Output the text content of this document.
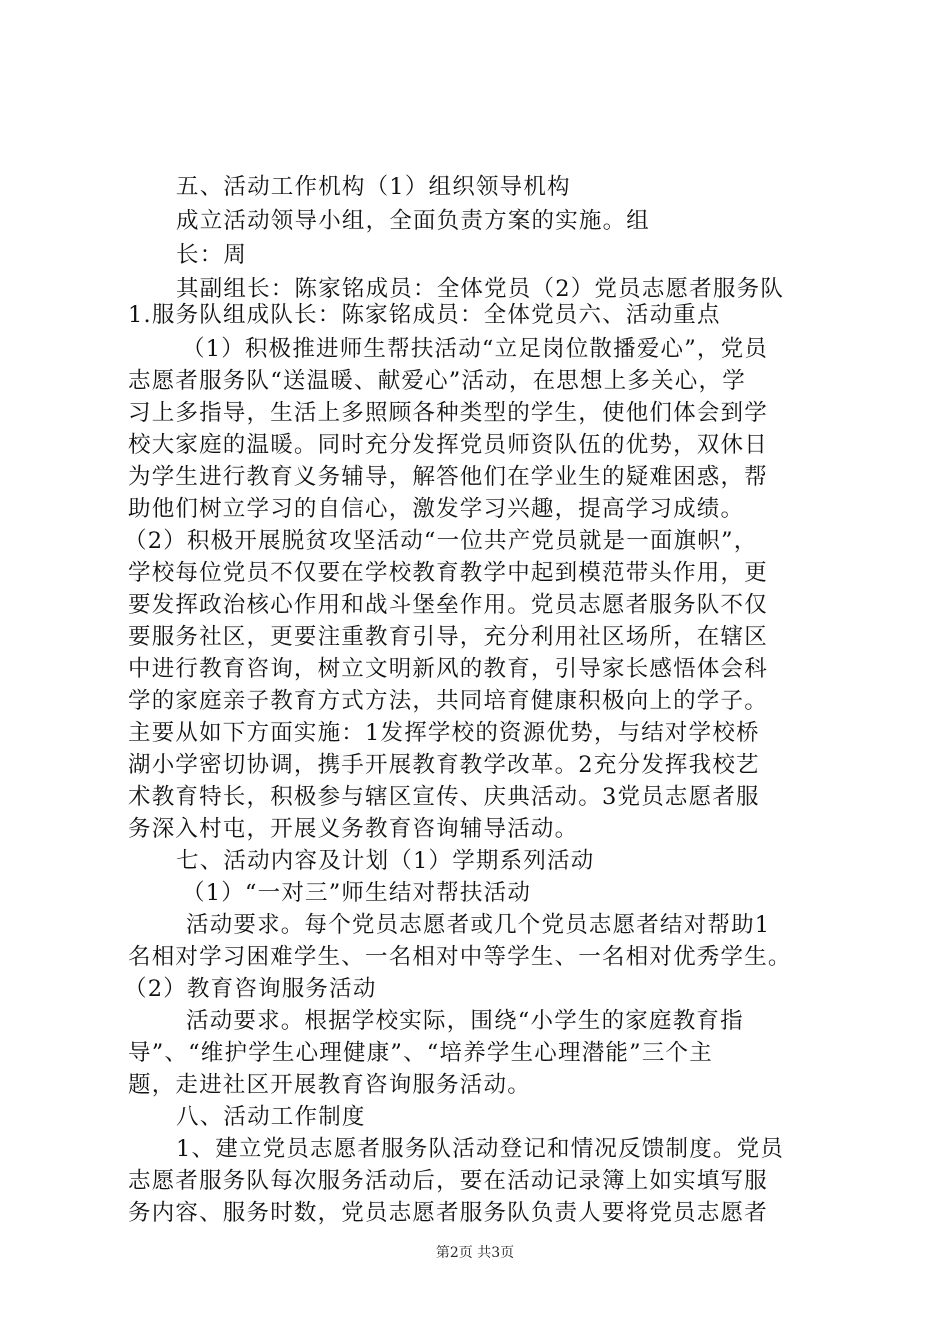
五、活动工作机构（1）组织领导机构
成立活动领导小组，全面负责方案的实施。组
长：周
其副组长：陈家铭成员：全体党员（2）党员志愿者服务队
1.服务队组成队长：陈家铭成员：全体党员六、活动重点
（1）积极推进师生帮扶活动“立足岗位散播爱心”，党员
志愿者服务队“送温暖、献爱心”活动，在思想上多关心，学
习上多指导，生活上多照顾各种类型的学生，使他们体会到学
校大家庭的温暖。同时充分发挥党员师资队伍的优势，双休日
为学生进行教育义务辅导，解答他们在学业生的疑难困惑，帮
助他们树立学习的自信心，激发学习兴趣，提高学习成绩。
（2）积极开展脱贫攻坚活动“一位共产党员就是一面旗帜”，
学校每位党员不仅要在学校教育教学中起到模范带头作用，更
要发挥政治核心作用和战斗堡垒作用。党员志愿者服务队不仅
要服务社区，更要注重教育引导，充分利用社区场所，在辖区
中进行教育咨询，树立文明新风的教育，引导家长感悟体会科
学的家庭亲子教育方式方法，共同培育健康积极向上的学子。
主要从如下方面实施：1发挥学校的资源优势，与结对学校桥
湖小学密切协调，携手开展教育教学改革。2充分发挥我校艺
术教育特长，积极参与辖区宣传、庆典活动。3党员志愿者服
务深入村屯，开展义务教育咨询辅导活动。
七、活动内容及计划（1）学期系列活动
（1）“一对三”师生结对帮扶活动
活动要求。每个党员志愿者或几个党员志愿者结对帮助1
名相对学习困难学生、一名相对中等学生、一名相对优秀学生。
（2）教育咨询服务活动
活动要求。根据学校实际，围绕“小学生的家庭教育指
导”、“维护学生心理健康”、“培养学生心理潜能”三个主
题，走进社区开展教育咨询服务活动。
八、活动工作制度
1、建立党员志愿者服务队活动登记和情况反馈制度。党员
志愿者服务队每次服务活动后，要在活动记录簿上如实填写服
务内容、服务时数，党员志愿者服务队负责人要将党员志愿者
第2页 共3页
